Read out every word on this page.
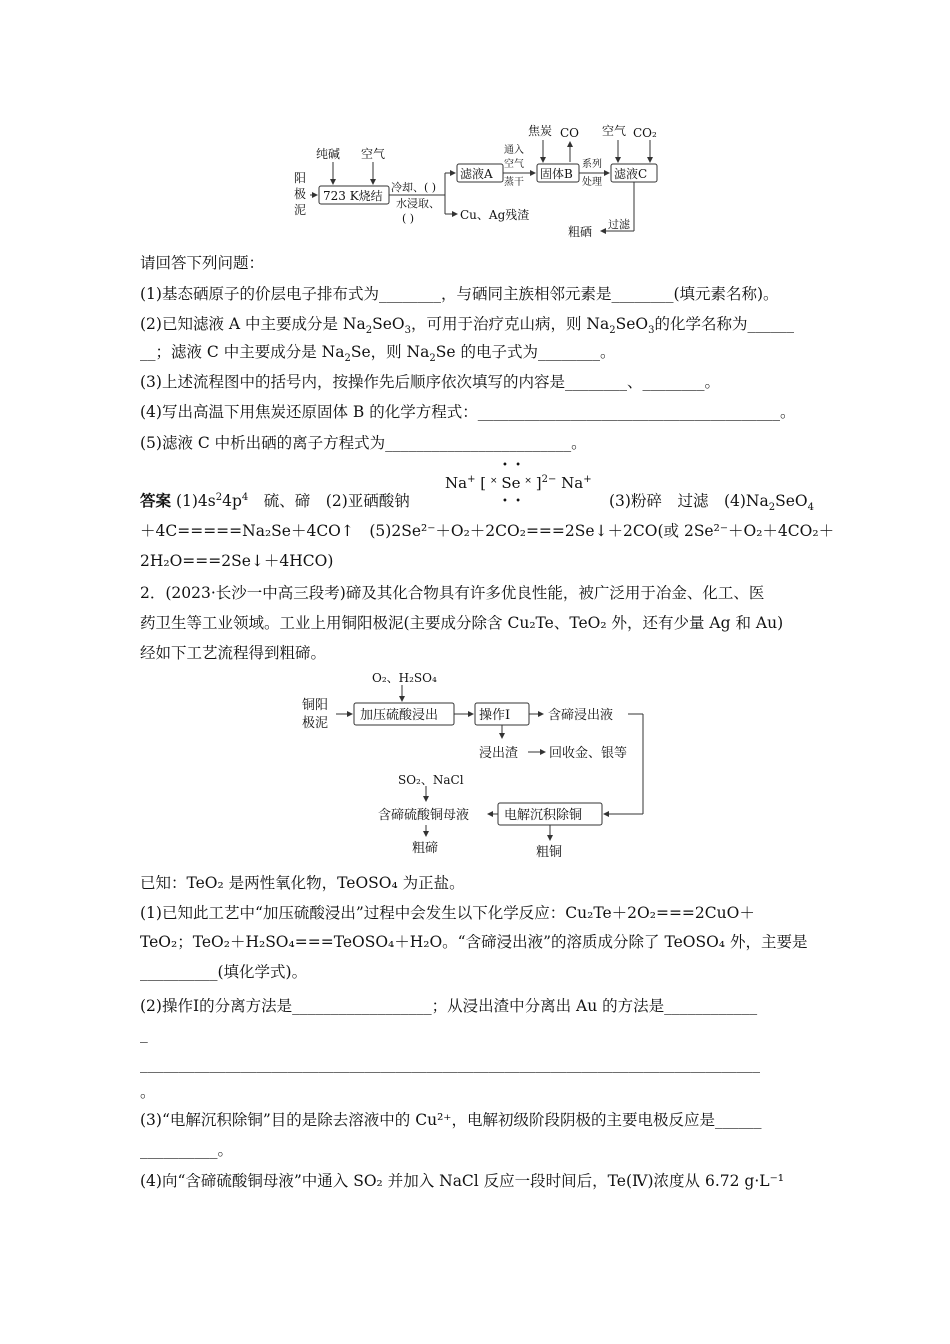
纯碱 空气
阳
极
泥
723 K烧结
冷却、( )
水浸取、
( )
滤液A
通入
空气
蒸干
固体B
焦炭 CO
系列
处理
空气 CO₂
滤液C
Cu、Ag残渣
过滤
粗硒
请回答下列问题：
(1)基态硒原子的价层电子排布式为________，与硒同主族相邻元素是________(填元素名称)。
(2)已知滤液 A 中主要成分是 $Na_2SeO_3$，可用于治疗克山病，则 $Na_2SeO_3$的化学名称为______
__；滤液 C 中主要成分是 $Na_2Se$，则 $Na_2Se$ 的电子式为________。
(3)上述流程图中的括号内，按操作先后顺序依次填写的内容是________、________。
(4)写出高温下用焦炭还原固体 B 的化学方程式：_______________________________________。
(5)滤液 C 中析出硒的离子方程式为________________________。
答案 $(1)4s^24p^4$　硫、碲　(2)亚硒酸钠
• •
Na+ [ ˟ Se ˟ ]$^{2-}$ Na+
• •	(3)粉碎　过滤　$(4)Na_2SeO_4$
＋4C=====Na₂Se＋4CO↑　(5)2Se²⁻＋O₂＋2CO₂===2Se↓＋2CO(或 2Se²⁻＋O₂＋4CO₂＋
2H₂O===2Se↓＋4HCO)
2．(2023·长沙一中高三段考)碲及其化合物具有许多优良性能，被广泛用于冶金、化工、医
药卫生等工业领域。工业上用铜阳极泥(主要成分除含 Cu₂Te、TeO₂ 外，还有少量 Ag 和 Au)
经如下工艺流程得到粗碲。
O₂、H₂SO₄
铜阳
极泥
加压硫酸浸出	操作Ⅰ	含碲浸出液
浸出渣 回收金、银等
SO₂、NaCl
含碲硫酸铜母液	电解沉积除铜
粗碲	粗铜
已知：TeO₂ 是两性氧化物，TeOSO₄ 为正盐。
(1)已知此工艺中“加压硫酸浸出”过程中会发生以下化学反应：Cu₂Te＋2O₂===2CuO＋
TeO₂；TeO₂＋H₂SO₄===TeOSO₄＋H₂O。“含碲浸出液”的溶质成分除了 TeOSO₄ 外，主要是
__________(填化学式)。
(2)操作Ⅰ的分离方法是__________________；从浸出渣中分离出 Au 的方法是____________
_
________________________________________________________________________________
。
(3)“电解沉积除铜”目的是除去溶液中的 Cu²⁺，电解初级阶段阴极的主要电极反应是______
__________。
(4)向“含碲硫酸铜母液”中通入 SO₂ 并加入 NaCl 反应一段时间后，Te(Ⅳ)浓度从 6.72 g·L⁻¹
